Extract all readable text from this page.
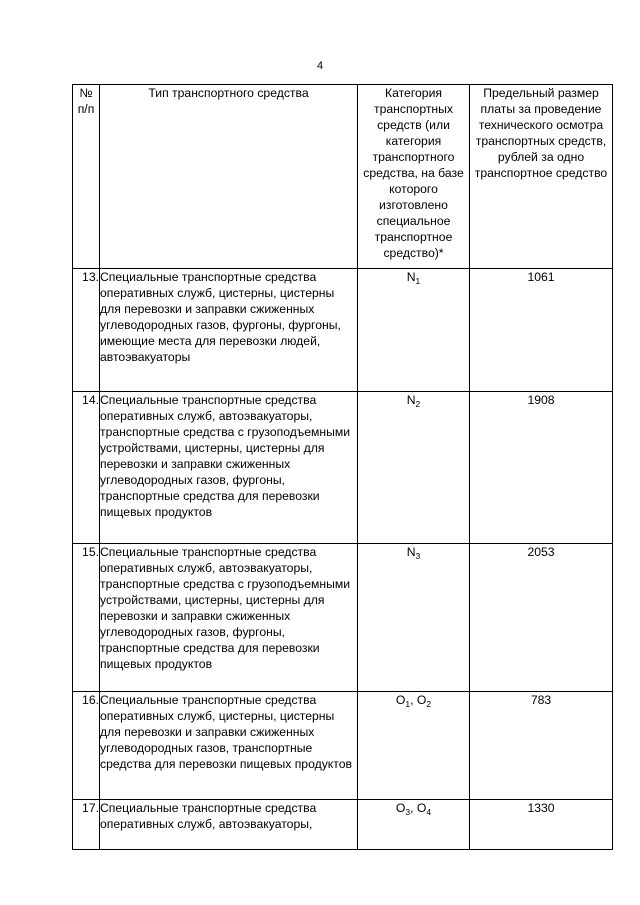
4
№ п/п	Тип транспортного средства	Категория транспортных средств (или категория транспортного средства, на базе которого изготовлено специальное транспортное средство)*	Предельный размер платы за проведение технического осмотра транспортных средств, рублей за одно транспортное средство
13.	Специальные транспортные средства оперативных служб, цистерны, цистерны для перевозки и заправки сжиженных углеводородных газов, фургоны, фургоны, имеющие места для перевозки людей, автоэвакуаторы	$N_1$	1061
14.	Специальные транспортные средства оперативных служб, автоэвакуаторы, транспортные средства с грузоподъемными устройствами, цистерны, цистерны для перевозки и заправки сжиженных углеводородных газов, фургоны, транспортные средства для перевозки пищевых продуктов	$N_2$	1908
15.	Специальные транспортные средства оперативных служб, автоэвакуаторы, транспортные средства с грузоподъемными устройствами, цистерны, цистерны для перевозки и заправки сжиженных углеводородных газов, фургоны, транспортные средства для перевозки пищевых продуктов	$N_3$	2053
16.	Специальные транспортные средства оперативных служб, цистерны, цистерны для перевозки и заправки сжиженных углеводородных газов, транспортные средства для перевозки пищевых продуктов	$O_1$, $O_2$	783
17.	Специальные транспортные средства оперативных служб, автоэвакуаторы,	$O_3$, $O_4$	1330
